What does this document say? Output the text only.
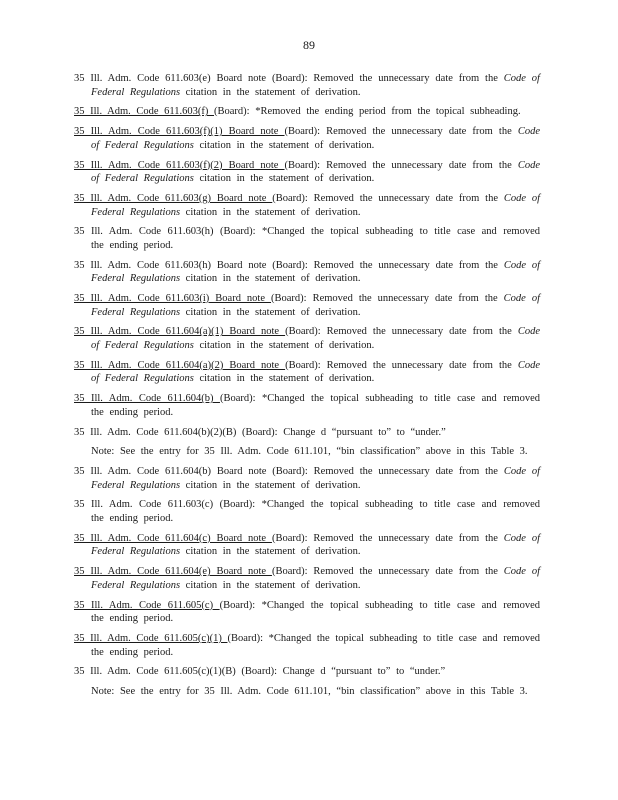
89
35 Ill. Adm. Code 611.603(e) Board note (Board): Removed the unnecessary date from the Code of Federal Regulations citation in the statement of derivation.
35 Ill. Adm. Code 611.603(f) (Board): *Removed the ending period from the topical subheading.
35 Ill. Adm. Code 611.603(f)(1) Board note (Board): Removed the unnecessary date from the Code of Federal Regulations citation in the statement of derivation.
35 Ill. Adm. Code 611.603(f)(2) Board note (Board): Removed the unnecessary date from the Code of Federal Regulations citation in the statement of derivation.
35 Ill. Adm. Code 611.603(g) Board note (Board): Removed the unnecessary date from the Code of Federal Regulations citation in the statement of derivation.
35 Ill. Adm. Code 611.603(h) (Board): *Changed the topical subheading to title case and removed the ending period.
35 Ill. Adm. Code 611.603(h) Board note (Board): Removed the unnecessary date from the Code of Federal Regulations citation in the statement of derivation.
35 Ill. Adm. Code 611.603(i) Board note (Board): Removed the unnecessary date from the Code of Federal Regulations citation in the statement of derivation.
35 Ill. Adm. Code 611.604(a)(1) Board note (Board): Removed the unnecessary date from the Code of Federal Regulations citation in the statement of derivation.
35 Ill. Adm. Code 611.604(a)(2) Board note (Board): Removed the unnecessary date from the Code of Federal Regulations citation in the statement of derivation.
35 Ill. Adm. Code 611.604(b) (Board): *Changed the topical subheading to title case and removed the ending period.
35 Ill. Adm. Code 611.604(b)(2)(B) (Board): Change d “pursuant to” to “under.”
Note: See the entry for 35 Ill. Adm. Code 611.101, “bin classification” above in this Table 3.
35 Ill. Adm. Code 611.604(b) Board note (Board): Removed the unnecessary date from the Code of Federal Regulations citation in the statement of derivation.
35 Ill. Adm. Code 611.603(c) (Board): *Changed the topical subheading to title case and removed the ending period.
35 Ill. Adm. Code 611.604(c) Board note (Board): Removed the unnecessary date from the Code of Federal Regulations citation in the statement of derivation.
35 Ill. Adm. Code 611.604(e) Board note (Board): Removed the unnecessary date from the Code of Federal Regulations citation in the statement of derivation.
35 Ill. Adm. Code 611.605(c) (Board): *Changed the topical subheading to title case and removed the ending period.
35 Ill. Adm. Code 611.605(c)(1) (Board): *Changed the topical subheading to title case and removed the ending period.
35 Ill. Adm. Code 611.605(c)(1)(B) (Board): Change d “pursuant to” to “under.”
Note: See the entry for 35 Ill. Adm. Code 611.101, “bin classification” above in this Table 3.
